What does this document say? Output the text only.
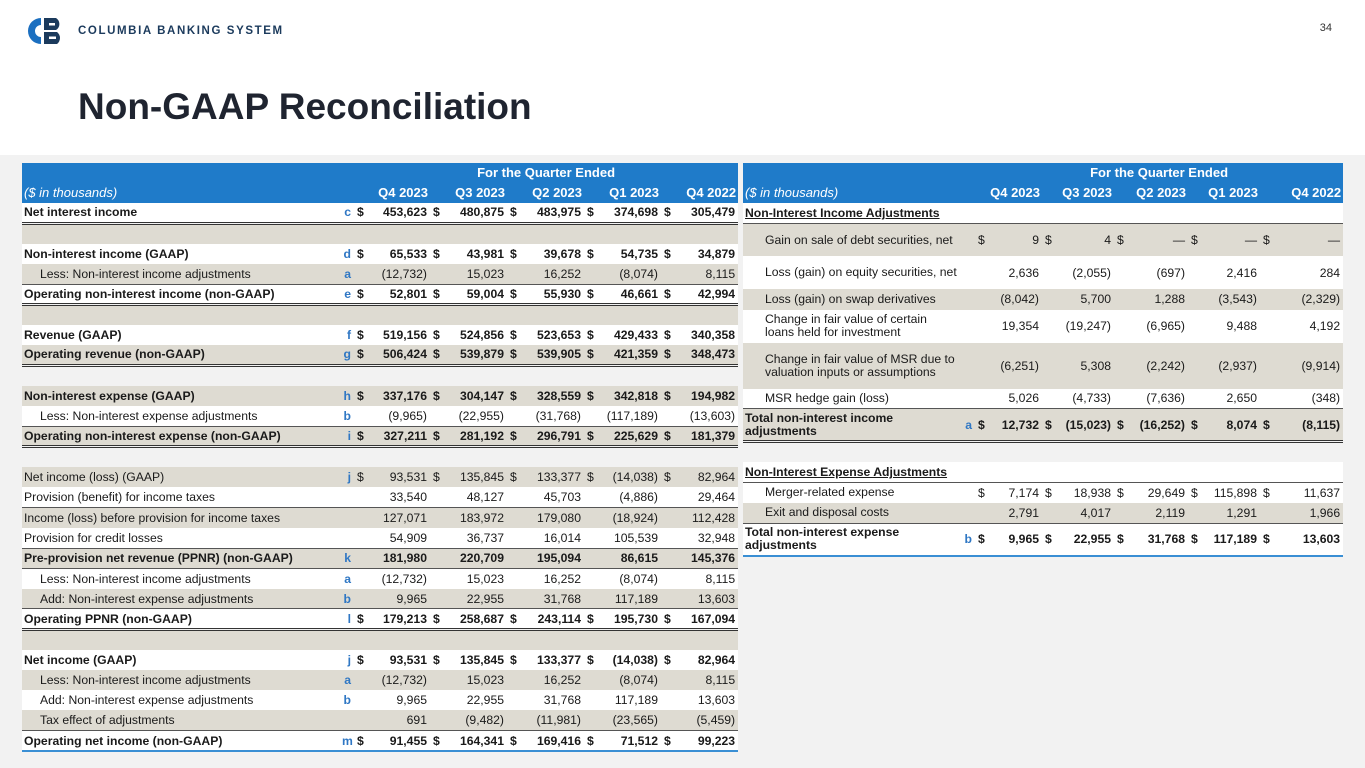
COLUMBIA BANKING SYSTEM	34
Non-GAAP Reconciliation
		For the Quarter Ended									
($ in thousands)		Q4 2023		Q3 2023		Q2 2023		Q1 2023		Q4 2022	
Net interest income	c	$	453,623	$	480,875	$	483,975	$	374,698	$	305,479

Non-interest income (GAAP)	d	$	65,533	$	43,981	$	39,678	$	54,735	$	34,879
Less: Non-interest income adjustments	a		(12,732)		15,023		16,252		(8,074)		8,115
Operating non-interest income (non-GAAP)	e	$	52,801	$	59,004	$	55,930	$	46,661	$	42,994

Revenue (GAAP)	f	$	519,156	$	524,856	$	523,653	$	429,433	$	340,358
Operating revenue (non-GAAP)	g	$	506,424	$	539,879	$	539,905	$	421,359	$	348,473

Non-interest expense (GAAP)	h	$	337,176	$	304,147	$	328,559	$	342,818	$	194,982
Less: Non-interest expense adjustments	b		(9,965)		(22,955)		(31,768)		(117,189)		(13,603)
Operating non-interest expense (non-GAAP)	i	$	327,211	$	281,192	$	296,791	$	225,629	$	181,379

Net income (loss) (GAAP)	j	$	93,531	$	135,845	$	133,377	$	(14,038)	$	82,964
Provision (benefit) for income taxes			33,540		48,127		45,703		(4,886)		29,464
Income (loss) before provision for income taxes			127,071		183,972		179,080		(18,924)		112,428
Provision for credit losses			54,909		36,737		16,014		105,539		32,948
Pre-provision net revenue (PPNR) (non-GAAP)	k		181,980		220,709		195,094		86,615		145,376
Less: Non-interest income adjustments	a		(12,732)		15,023		16,252		(8,074)		8,115
Add: Non-interest expense adjustments	b		9,965		22,955		31,768		117,189		13,603
Operating PPNR (non-GAAP)	l	$	179,213	$	258,687	$	243,114	$	195,730	$	167,094

Net income (GAAP)	j	$	93,531	$	135,845	$	133,377	$	(14,038)	$	82,964
Less: Non-interest income adjustments	a		(12,732)		15,023		16,252		(8,074)		8,115
Add: Non-interest expense adjustments	b		9,965		22,955		31,768		117,189		13,603
Tax effect of adjustments			691		(9,482)		(11,981)		(23,565)		(5,459)
Operating net income (non-GAAP)	m	$	91,455	$	164,341	$	169,416	$	71,512	$	99,223
		For the Quarter Ended									
($ in thousands)		Q4 2023		Q3 2023		Q2 2023		Q1 2023		Q4 2022	
Non-Interest Income Adjustments											
Gain on sale of debt securities, net		$	9	$	4	$	—	$	—	$	—
Loss (gain) on equity securities, net			2,636		(2,055)		(697)		2,416		284
Loss (gain) on swap derivatives			(8,042)		5,700		1,288		(3,543)		(2,329)
Change in fair value of certain loans held for investment			19,354		(19,247)		(6,965)		9,488		4,192
Change in fair value of MSR due to valuation inputs or assumptions			(6,251)		5,308		(2,242)		(2,937)		(9,914)
MSR hedge gain (loss)			5,026		(4,733)		(7,636)		2,650		(348)
Total non-interest income adjustments	a	$	12,732	$	(15,023)	$	(16,252)	$	8,074	$	(8,115)

Non-Interest Expense Adjustments											
Merger-related expense		$	7,174	$	18,938	$	29,649	$	115,898	$	11,637
Exit and disposal costs			2,791		4,017		2,119		1,291		1,966
Total non-interest expense adjustments	b	$	9,965	$	22,955	$	31,768	$	117,189	$	13,603
